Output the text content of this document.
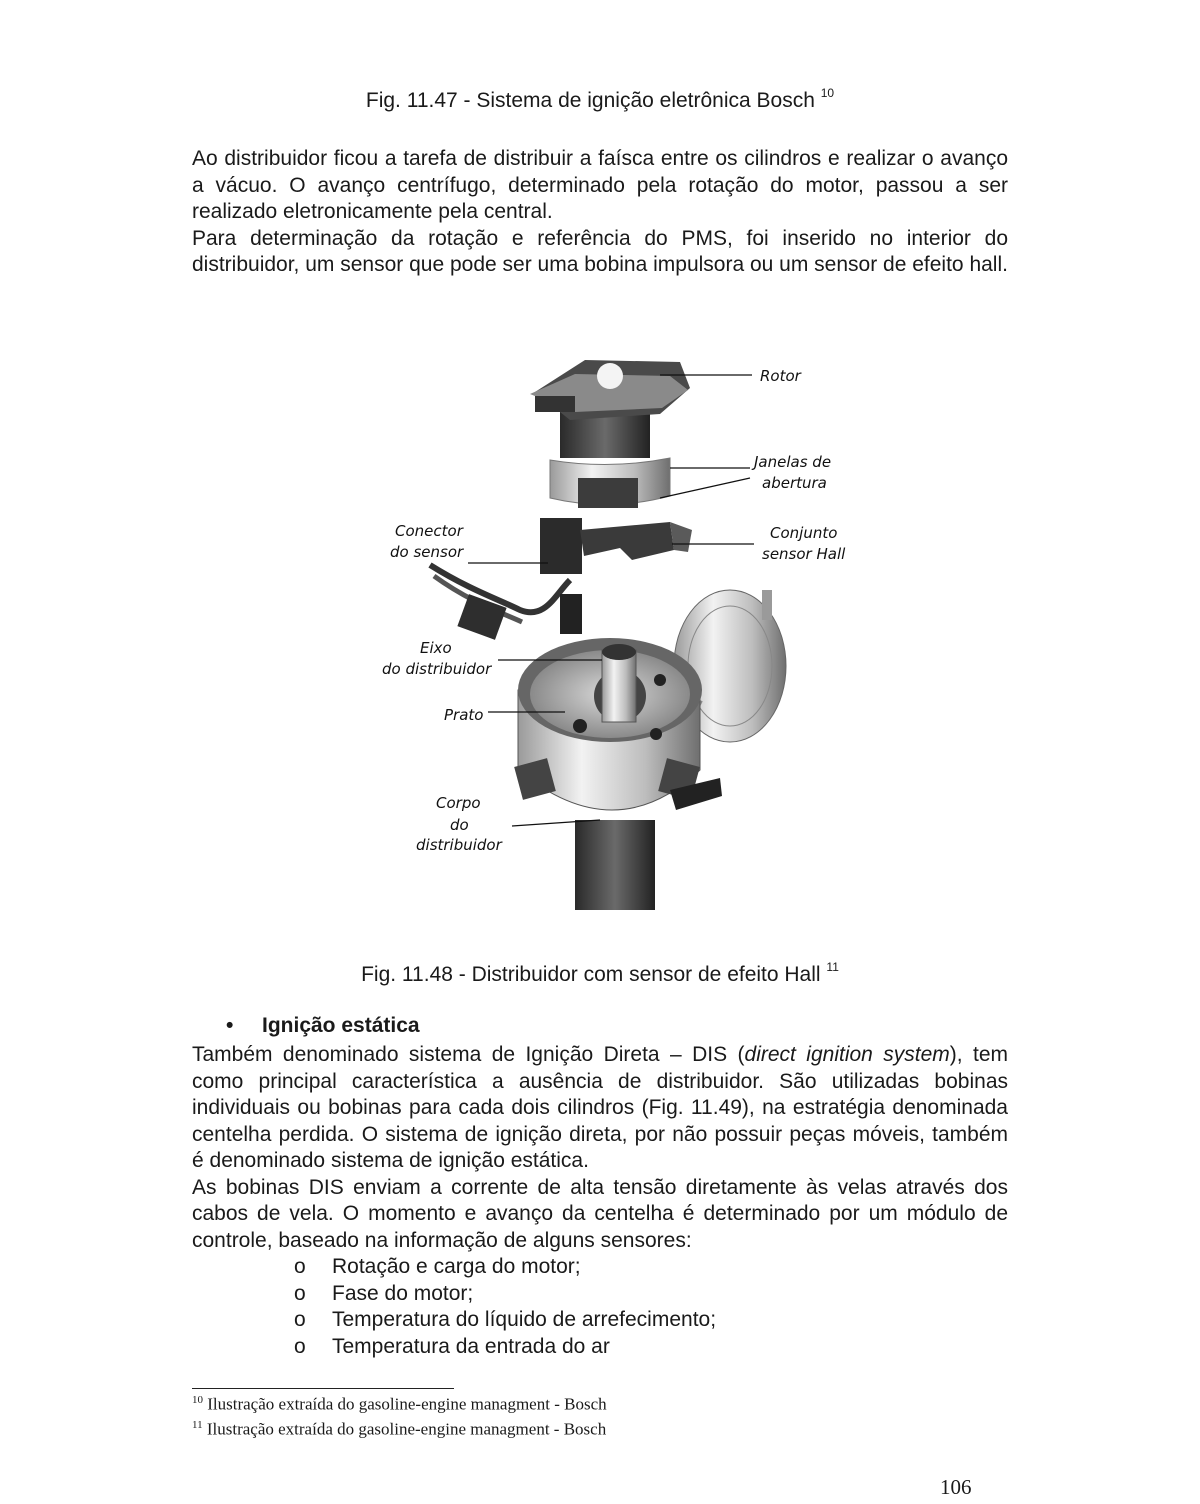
Fig. 11.47 - Sistema de ignição eletrônica Bosch $^{10}$
Ao distribuidor ficou a tarefa de distribuir a faísca entre os cilindros e realizar o avanço a vácuo. O avanço centrífugo, determinado pela rotação do motor, passou a ser realizado eletronicamente pela central.
Para determinação da rotação e referência do PMS, foi inserido no interior do distribuidor, um sensor que pode ser uma bobina impulsora ou um sensor de efeito hall.
Rotor
Janelas de
abertura
Conector
do sensor
Conjunto
sensor Hall
Eixo
do distribuidor
Prato
Corpo
do
distribuidor
Fig. 11.48 - Distribuidor com sensor de efeito Hall $^{11}$
• Ignição estática
Também denominado sistema de Ignição Direta – DIS (direct ignition system), tem como principal característica a ausência de distribuidor. São utilizadas bobinas individuais ou bobinas para cada dois cilindros (Fig. 11.49), na estratégia denominada centelha perdida. O sistema de ignição direta, por não possuir peças móveis, também é denominado sistema de ignição estática.
As bobinas DIS enviam a corrente de alta tensão diretamente às velas através dos cabos de vela. O momento e avanço da centelha é determinado por um módulo de controle, baseado na informação de alguns sensores:
o	Rotação e carga do motor;
o	Fase do motor;
o	Temperatura do líquido de arrefecimento;
o	Temperatura da entrada do ar
$^{10}$ Ilustração extraída do gasoline-engine managment - Bosch
$^{11}$ Ilustração extraída do gasoline-engine managment - Bosch
106
